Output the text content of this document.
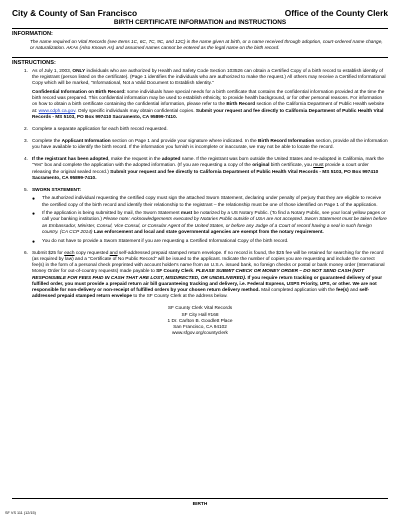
City & County of San Francisco	Office of the County Clerk
BIRTH CERTIFICATE INFORMATION and INSTRUCTIONS
INFORMATION:
The name required on Vital Records (see Items 1C, 6C, 7C, 9C, and 12C) is the name given at birth, or a name received through adoption, court-ordered name change, or naturalization. AKAs (Also Known As) and assumed names cannot be entered as the legal name on the birth record.
INSTRUCTIONS:
1. As of July 1, 2003, ONLY individuals who are authorized by Health and Safety Code Section 103526 can obtain a Certified Copy of a birth record to establish identity of the registrant (person listed on the certificate). (Page 1 identifies the individuals who are authorized to make the request.) All others may receive a Certified Informational Copy which will be marked, "Informational, Not a Valid Document to Establish Identity."

Confidential Information on Birth Record: some individuals have special needs for a birth certificate that contains the confidential information provided at the time the birth record was prepared. This confidential information may be used to establish ethnicity, to provide health background, or for other personal reasons. For information on how to obtain a birth certificate containing the confidential information, please refer to the Birth Record section of the California Department of Public Health website at: www.cdph.ca.gov. Only specific individuals may obtain confidential copies. Submit your request and fee directly to California Department of Public Health Vital Records - MS 5103, PO Box 997410 Sacramento, CA 95899-7410.

2. Complete a separate application for each birth record requested.

3. Complete the Applicant Information section on Page 1 and provide your signature where indicated. In the Birth Record Information section, provide all the information you have available to identify the birth record. If the information you furnish is incomplete or inaccurate, we may not be able to locate the record.

4. If the registrant has been adopted, make the request in the adopted name. If the registrant was born outside the United States and re-adopted in California, mark the "Yes" box and complete the application with the adopted information. (If you are requesting a copy of the original birth certificate, you must provide a court order releasing the original sealed record.) Submit your request and fee directly to California Department of Public Health Vital Records - MS 5103, PO Box 997410 Sacramento, CA 95899-7410.

5. SWORN STATEMENT:

●	The authorized individual requesting the certified copy must sign the attached Sworn Statement, declaring under penalty of perjury that they are eligible to receive the certified copy of the birth record and identify their relationship to the registrant – the relationship must be one of those identified on Page 1 of the application.
●	If the application is being submitted by mail, the Sworn Statement must be notarized by a US Notary Public. (To find a Notary Public, see your local yellow pages or call your banking institution.) Please note: Acknowledgements executed by Notaries Public outside of USA are not accepted. Sworn Statement must be taken before an Embassador, Minister, Consul, Vice Consul, or Consular Agent of the United States, or before any Judge of a Court of record having a seal in such foreign country. (CA CCP 2014) Law enforcement and local and state governmental agencies are exempt from the notary requirement.
●	You do not have to provide a Sworn Statement if you are requesting a Certified Informational Copy of the birth record.
6. Submit $25 for each copy requested and self-addressed prepaid stamped return envelope. If no record is found, the $25 fee will be retained for searching for the record (as required by law) and a "Certificate of No Public Record" will be issued to the applicant. Indicate the number of copies you are requesting and include the correct fee(s) in the form of a personal check preprinted with account holder's name from an U.S.A. issued bank, no foreign checks or postal or bank money order (International Money Order for out-of-country requests) made payable to SF County Clerk. PLEASE SUBMIT CHECK OR MONEY ORDER – DO NOT SEND CASH (NOT RESPONSIBLE FOR FEES PAID IN CASH THAT ARE LOST, MISDIRECTED, OR UNDELIVERED). If you require return tracking or guaranteed delivery of your fulfilled order, you must provide a prepaid return air bill guaranteeing tracking and delivery, i.e. Federal Express, USPS Priority, UPS, or other. We are not responsible for non-delivery or non-receipt of fulfilled orders by your chosen return delivery method. Mail completed application with the fee(s) and self-addressed prepaid stamped return envelope to the SF County Clerk at the address below.

SF County Clerk Vital Records
SF City Hall #168
1 Dr. Carlton B. Goodlett Place
San Francisco, CA 94102
www.sfgov.org/countyclerk
BIRTH
SF VS 111 (12/15)
